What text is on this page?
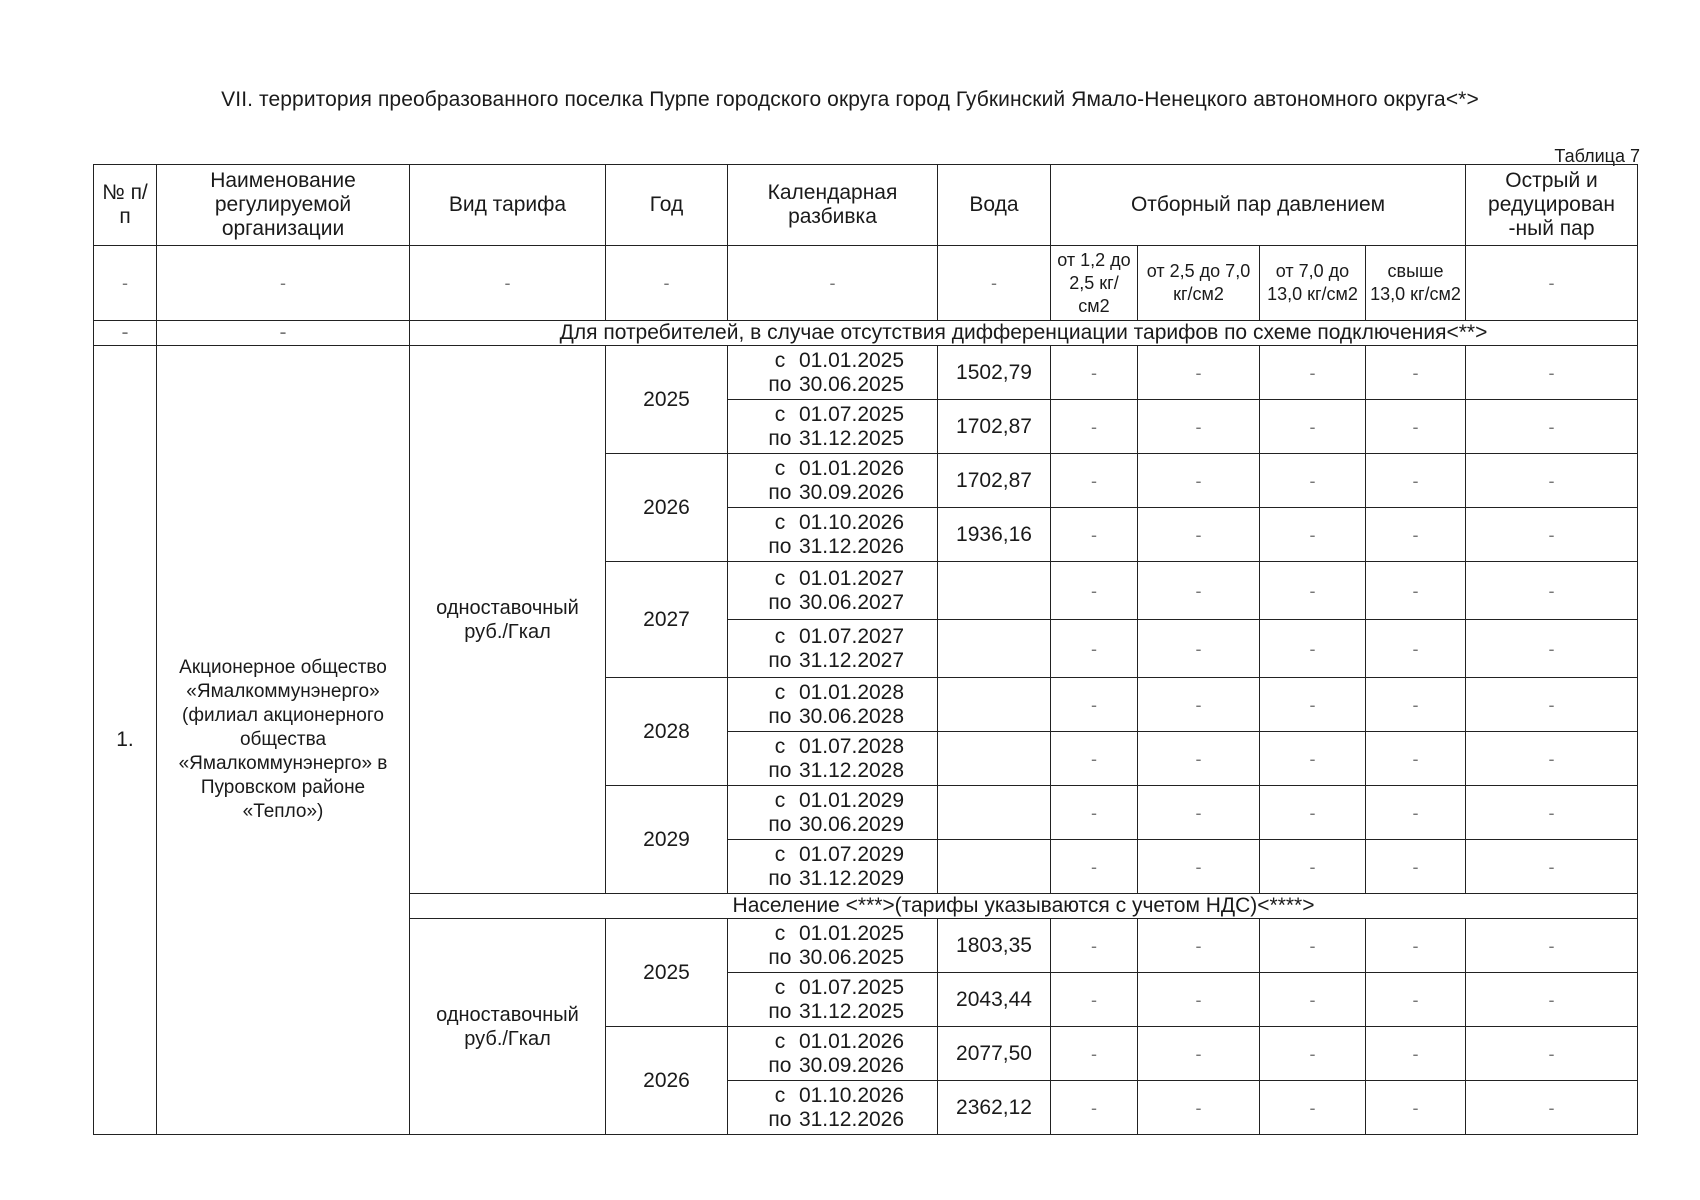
VII. территория преобразованного поселка Пурпе городского округа город Губкинский Ямало-Ненецкого автономного округа<*>
Таблица 7
№ п/п	Наименование регулируемой организации	Вид тарифа	Год	Календарная разбивка	Вода	Отборный пар давлением				Острый и редуцирован -ный пар
-	-	-	-	-	-	от 1,2 до 2,5 кг/см2	от 2,5 до 7,0 кг/см2	от 7,0 до 13,0 кг/см2	свыше 13,0 кг/см2	-
-	-	Для потребителей, в случае отсутствия дифференциации тарифов по схеме подключения<**>								
1.	Акционерное общество «Ямалкоммунэнерго» (филиал акционерного общества «Ямалкоммунэнерго» в Пуровском районе «Тепло»)	одноставочный руб./Гкал	2025	с 01.01.2025
по 30.06.2025	1502,79	-	-	-	-	-

				с 01.07.2025
по 31.12.2025	1702,87	-	-	-	-	-
			2026	с 01.01.2026
по 30.09.2026	1702,87	-	-	-	-	-

				с 01.10.2026
по 31.12.2026	1936,16	-	-	-	-	-
			2027	с 01.01.2027
по 30.06.2027		-	-	-	-	-

				с 01.07.2027
по 31.12.2027		-	-	-	-	-
			2028	с 01.01.2028
по 30.06.2028		-	-	-	-	-

				с 01.07.2028
по 31.12.2028		-	-	-	-	-
			2029	с 01.01.2029
по 30.06.2029		-	-	-	-	-

				с 01.07.2029
по 31.12.2029		-	-	-	-	-
		Население <***>(тарифы указываются с учетом НДС)<****>								
		одноставочный руб./Гкал	2025	с 01.01.2025
по 30.06.2025	1803,35	-	-	-	-	-

				с 01.07.2025
по 31.12.2025	2043,44	-	-	-	-	-
			2026	с 01.01.2026
по 30.09.2026	2077,50	-	-	-	-	-

				с 01.10.2026
по 31.12.2026	2362,12	-	-	-	-	-
